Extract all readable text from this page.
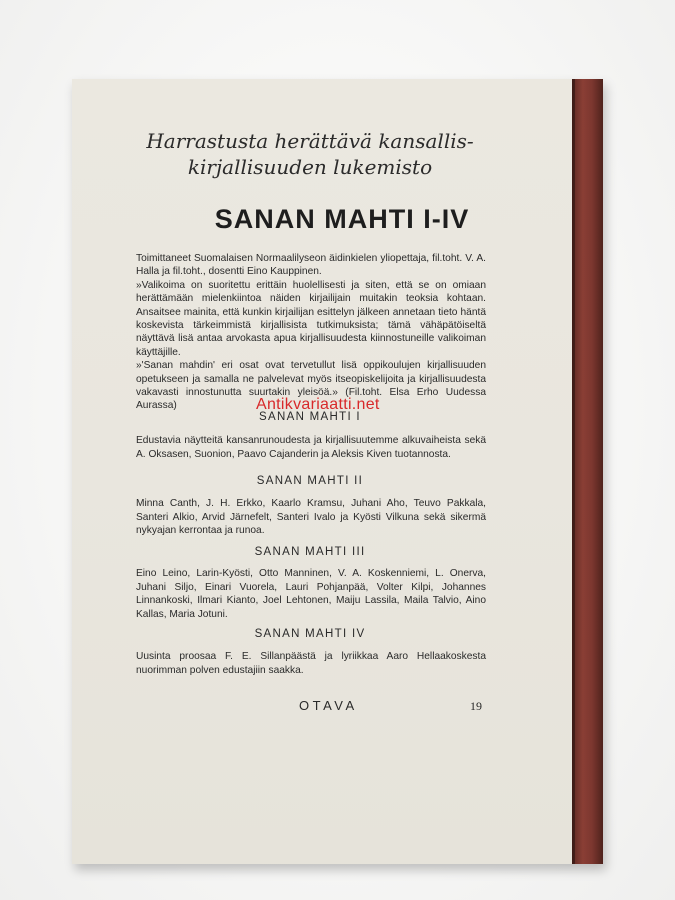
Harrastusta herättävä kansallis-
kirjallisuuden lukemisto
SANAN MAHTI I-IV

Toimittaneet Suomalaisen Normaalilyseon äidinkielen yliopettaja, fil.toht. V. A. Halla ja fil.toht., dosentti Eino Kauppinen.

»Valikoima on suoritettu erittäin huolellisesti ja siten, että se on omiaan herättämään mielenkiintoa näiden kirjailijain muitakin teoksia kohtaan. Ansaitsee mainita, että kunkin kirjailijan esittelyn jälkeen annetaan tieto häntä koskevista tärkeimmistä kirjallisista tutkimuksista; tämä vähäpätöiseltä näyttävä lisä antaa arvokasta apua kirjallisuudesta kiinnostuneille valikoiman käyttäjille.

»'Sanan mahdin' eri osat ovat tervetullut lisä oppikoulujen kirjallisuuden opetukseen ja samalla ne palvelevat myös itseopiskelijoita ja kirjallisuudesta vakavasti innostunutta suurtakin yleisöä.» (Fil.toht. Elsa Erho Uudessa Aurassa)	Antikvariaatti.net
SANAN MAHTI I
Edustavia näytteitä kansanrunoudesta ja kirjallisuutemme alkuvaiheista sekä A. Oksasen, Suonion, Paavo Cajanderin ja Aleksis Kiven tuotannosta.
SANAN MAHTI II
Minna Canth, J. H. Erkko, Kaarlo Kramsu, Juhani Aho, Teuvo Pakkala, Santeri Alkio, Arvid Järnefelt, Santeri Ivalo ja Kyösti Vilkuna sekä sikermä nykyajan kerrontaa ja runoa.
SANAN MAHTI III
Eino Leino, Larin-Kyösti, Otto Manninen, V. A. Koskenniemi, L. Onerva, Juhani Siljo, Einari Vuorela, Lauri Pohjanpää, Volter Kilpi, Johannes Linnankoski, Ilmari Kianto, Joel Lehtonen, Maiju Lassila, Maila Talvio, Aino Kallas, Maria Jotuni.
SANAN MAHTI IV
Uusinta proosaa F. E. Sillanpäästä ja lyriikkaa Aaro Hellaakoskesta nuorimman polven edustajiin saakka.
OTAVA	19
